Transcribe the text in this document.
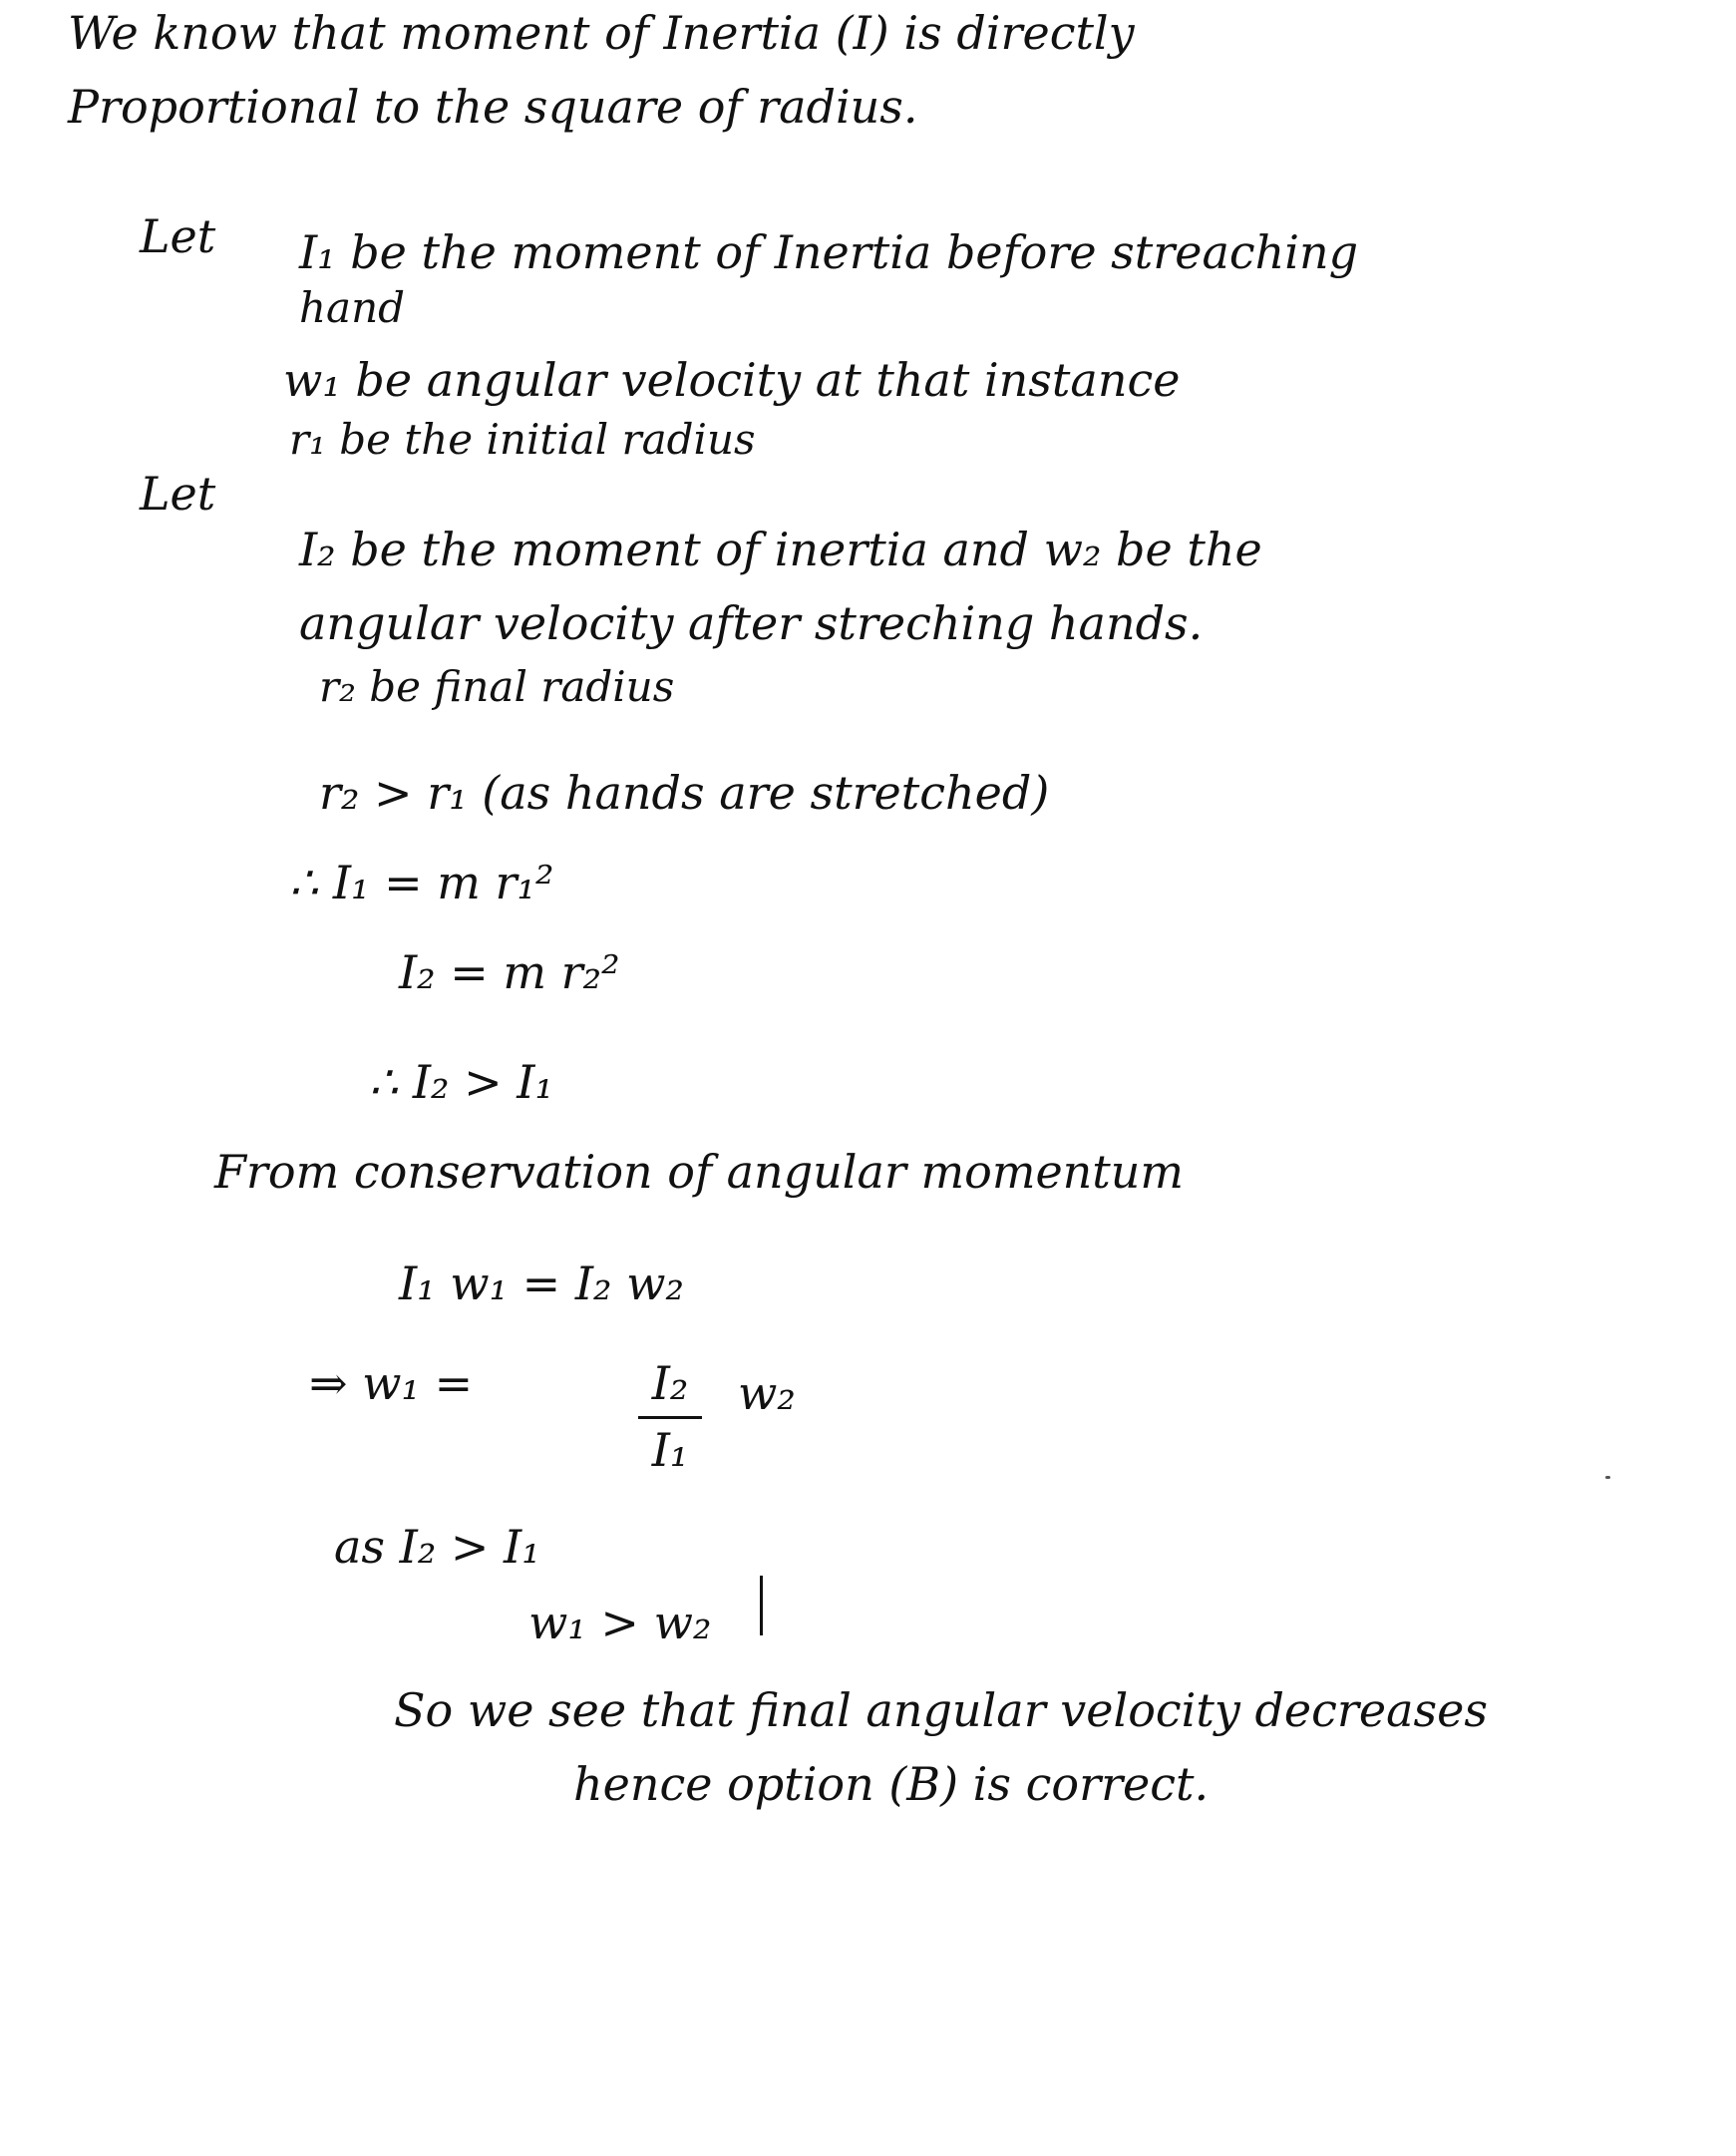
We know that moment of Inertia (I) is directly
Proportional to the square of radius.
Let I₁ be the moment of Inertia before streaching
hand
w₁ be angular velocity at that instance
r₁ be the initial radius
Let
I₂ be the moment of inertia and w₂ be the
angular velocity after streching hands.
r₂ be final radius
r₂ > r₁ (as hands are stretched)
∴ I₁ = m r₁²
I₂ = m r₂²
∴ I₂ > I₁
From conservation of angular momentum
I₁ w₁ = I₂ w₂
⇒ w₁ =	I₂
I₁
w₂
as I₂ > I₁
w₁ > w₂
So we see that final angular velocity decreases
hence option (B) is correct.
